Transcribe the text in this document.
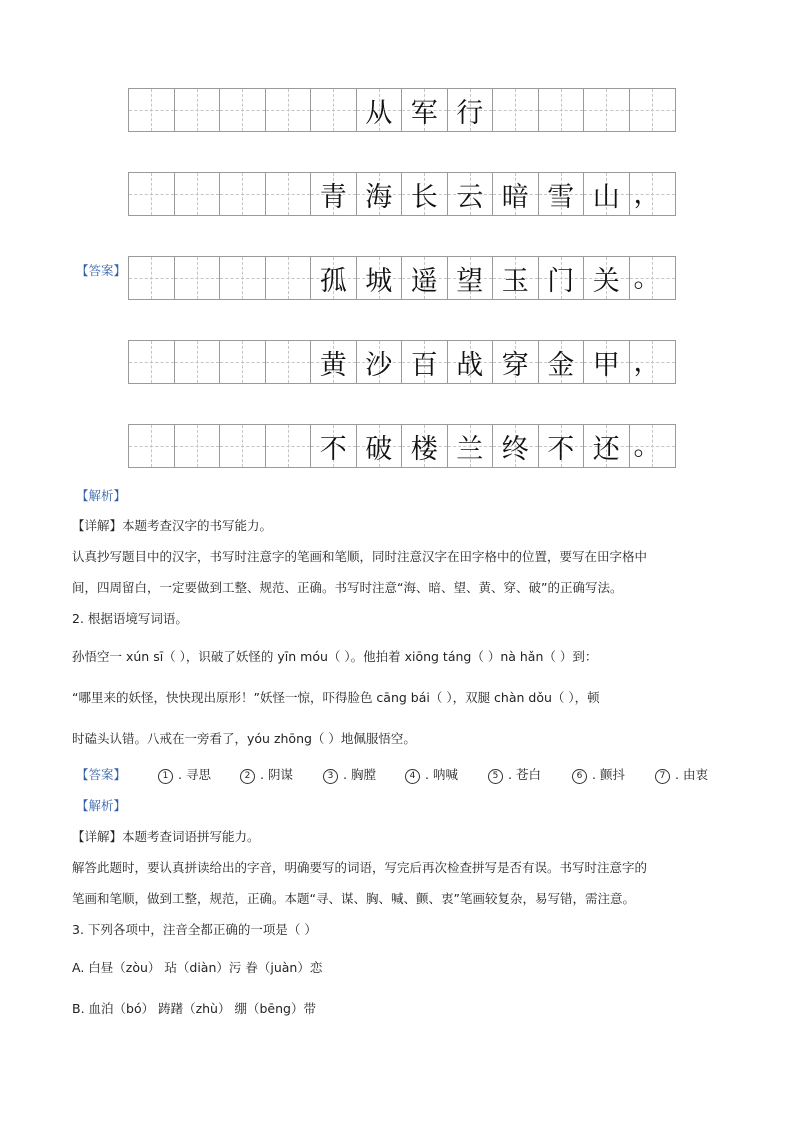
从 军 行
青 海 长 云 暗 雪 山 ，
孤 城 遥 望 玉 门 关 。
黄 沙 百 战 穿 金 甲 ，
不 破 楼 兰 终 不 还 。
【答案】
【解析】
【详解】本题考查汉字的书写能力。
认真抄写题目中的汉字，书写时注意字的笔画和笔顺，同时注意汉字在田字格中的位置，要写在田字格中
间，四周留白，一定要做到工整、规范、正确。书写时注意“海、暗、望、黄、穿、破”的正确写法。
2. 根据语境写词语。
孙悟空一 xún sī（ ），识破了妖怪的 yīn móu（ ）。他拍着 xiōng táng（ ）nà hǎn（ ）到：
“哪里来的妖怪，快快现出原形！”妖怪一惊，吓得脸色 cāng bái（ ），双腿 chàn dǒu（ ），顿
时磕头认错。八戒在一旁看了，yóu zhōng（ ）地佩服悟空。
【答案】	1 . 寻思	2 . 阴谋	3 . 胸膛	4 . 呐喊	5 . 苍白	6 . 颤抖	7 . 由衷
【解析】
【详解】本题考查词语拼写能力。
解答此题时，要认真拼读给出的字音，明确要写的词语，写完后再次检查拼写是否有误。书写时注意字的
笔画和笔顺，做到工整，规范，正确。本题“寻、谋、胸、喊、颤、衷”笔画较复杂，易写错，需注意。
3. 下列各项中，注音全都正确的一项是（ ）
A. 白昼（zòu） 玷（diàn）污 眷（juàn）恋
B. 血泊（bó） 踌躇（zhù） 绷（bēng）带
